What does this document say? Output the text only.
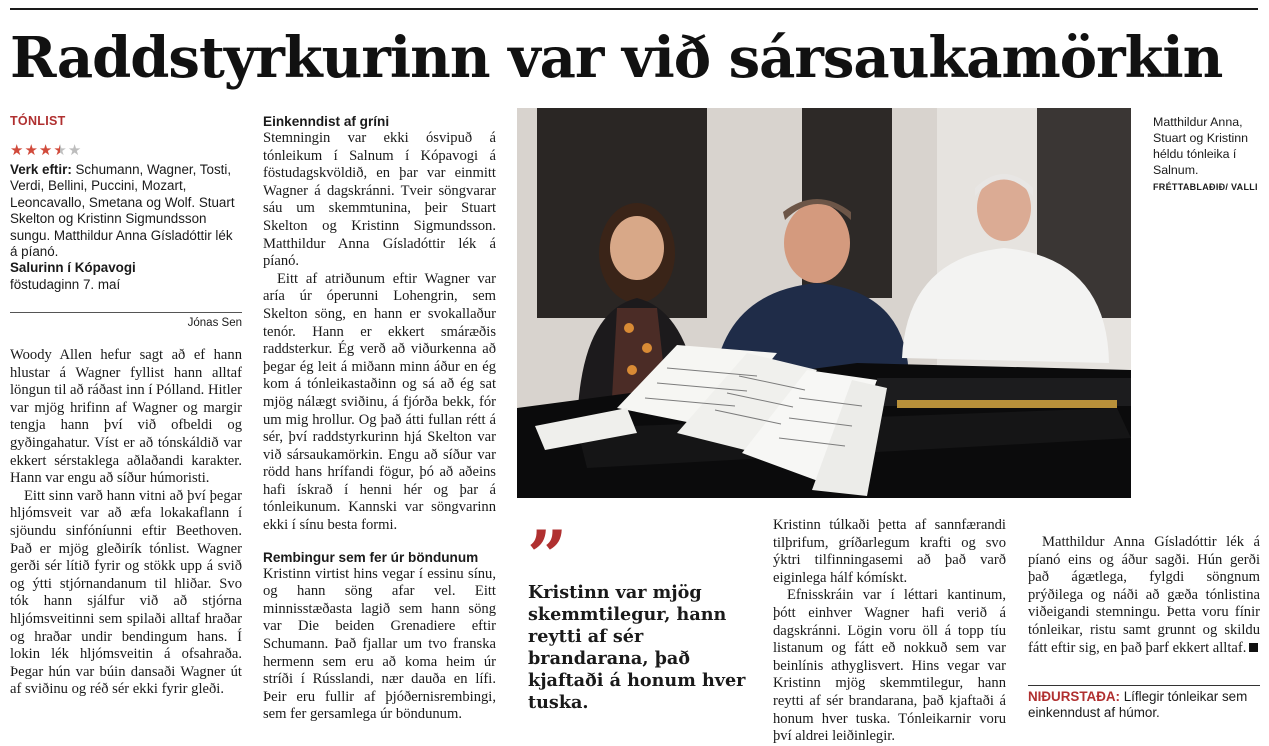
Raddstyrkurinn var við sársaukamörkin
TÓNLIST
★ ★ ★ ★ ★
Verk eftir: Schumann, Wagner, Tosti, Verdi, Bellini, Puccini, Mozart, Leoncavallo, Smetana og Wolf. Stuart Skelton og Kristinn Sigmundsson sungu. Matthildur Anna Gísladóttir lék á píanó.
Salurinn í Kópavogi
föstudaginn 7. maí
Jónas Sen

Woody Allen hefur sagt að ef hann hlustar á Wagner fyllist hann alltaf löngun til að ráðast inn í Pólland. Hitler var mjög hrifinn af Wagner og margir tengja hann því við ofbeldi og gyðingahatur. Víst er að tónskáldið var ekkert sérstaklega aðlaðandi karakter. Hann var engu að síður húmoristi.

Eitt sinn varð hann vitni að því þegar hljómsveit var að æfa lokakaflann í sjöundu sinfóníunni eftir Beethoven. Það er mjög gleðirík tónlist. Wagner gerði sér lítið fyrir og stökk upp á svið og ýtti stjórnandanum til hliðar. Svo tók hann sjálfur við að stjórna hljómsveitinni sem spilaði alltaf hraðar og hraðar undir bendingum hans. Í lokin lék hljómsveitin á ofsahraða. Þegar hún var búin dansaði Wagner út af sviðinu og réð sér ekki fyrir gleði.

Einkenndist af gríni

Stemningin var ekki ósvipuð á tónleikum í Salnum í Kópavogi á föstudagskvöldið, en þar var einmitt Wagner á dagskránni. Tveir söngvarar sáu um skemmtunina, þeir Stuart Skelton og Kristinn Sigmundsson. Matthildur Anna Gísladóttir lék á píanó.

Eitt af atriðunum eftir Wagner var aría úr óperunni Lohengrin, sem Skelton söng, en hann er svokallaður tenór. Hann er ekkert smáræðis raddsterkur. Ég verð að viðurkenna að þegar ég leit á miðann minn áður en ég kom á tónleikastaðinn og sá að ég sat mjög nálægt sviðinu, á fjórða bekk, fór um mig hrollur. Og það átti fullan rétt á sér, því raddstyrkurinn hjá Skelton var við sársaukamörkin. Engu að síður var rödd hans hrífandi fögur, þó að aðeins hafi ískrað í henni hér og þar á tónleikunum. Kannski var söngvarinn ekki í sínu besta formi.

Rembingur sem fer úr böndunum

Kristinn virtist hins vegar í essinu sínu, og hann söng afar vel. Eitt minnisstæðasta lagið sem hann söng var Die beiden Grenadiere eftir Schumann. Það fjallar um tvo franska hermenn sem eru að koma heim úr stríði í Rússlandi, nær dauða en lífi. Þeir eru fullir af þjóðernisrembingi, sem fer gersamlega úr böndunum.

Matthildur Anna, Stuart og Kristinn héldu tónleika í Salnum.
FRÉTTABLAÐIÐ/ VALLI
”
Kristinn var mjög skemmtilegur, hann reytti af sér brandarana, það kjaftaði á honum hver tuska.

Kristinn túlkaði þetta af sannfærandi tilþrifum, gríðarlegum krafti og svo ýktri tilfinningasemi að það varð eiginlega hálf kómískt.

Efnisskráin var í léttari kantinum, þótt einhver Wagner hafi verið á dagskránni. Lögin voru öll á topp tíu listanum og fátt eð nokkuð sem var beinlínis athyglisvert. Hins vegar var Kristinn mjög skemmtilegur, hann reytti af sér brandarana, það kjaftaði á honum hver tuska. Tónleikarnir voru því aldrei leiðinlegir.

Matthildur Anna Gísladóttir lék á píanó eins og áður sagði. Hún gerði það ágætlega, fylgdi söngnum prýðilega og náði að gæða tónlistina viðeigandi stemningu. Þetta voru fínir tónleikar, ristu samt grunnt og skildu fátt eftir sig, en það þarf ekkert alltaf.

NIÐURSTAÐA: Líflegir tónleikar sem einkenndust af húmor.
